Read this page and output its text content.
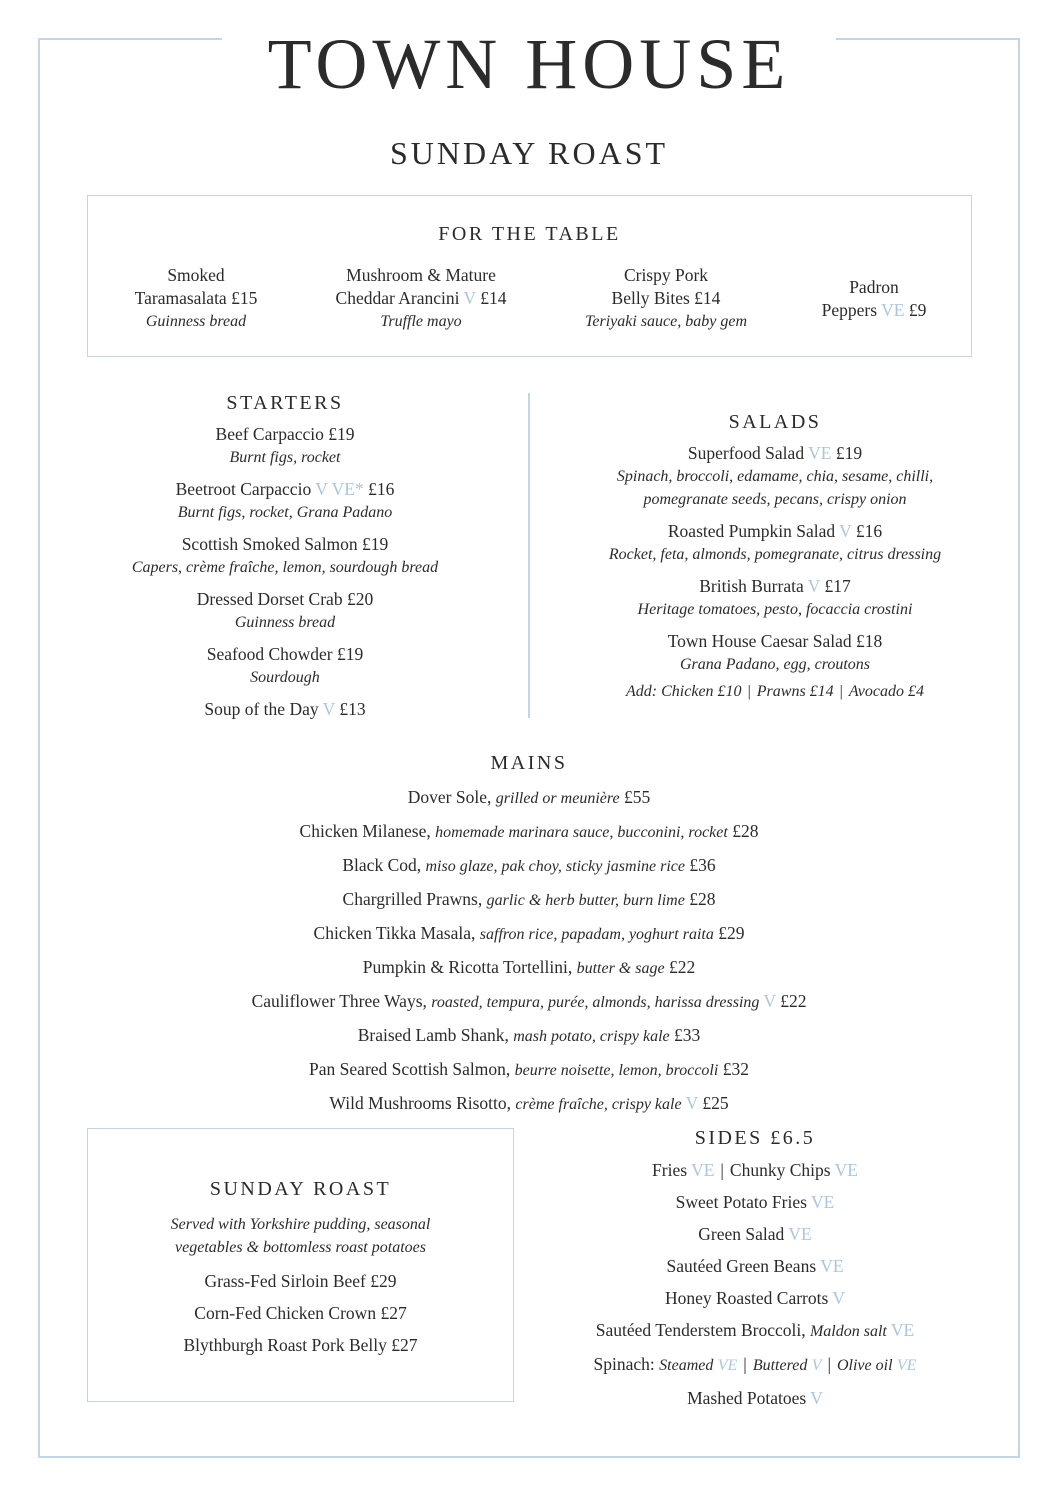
TOWN HOUSE
SUNDAY ROAST
FOR THE TABLE
Smoked
Taramasalata £15
Guinness bread
Mushroom & Mature
Cheddar Arancini V £14
Truffle mayo
Crispy Pork
Belly Bites £14
Teriyaki sauce, baby gem
Padron
Peppers VE £9
STARTERS
Beef Carpaccio £19
Burnt figs, rocket
Beetroot Carpaccio V VE* £16
Burnt figs, rocket, Grana Padano
Scottish Smoked Salmon £19
Capers, crème fraîche, lemon, sourdough bread
Dressed Dorset Crab £20
Guinness bread
Seafood Chowder £19
Sourdough
Soup of the Day V £13
SALADS
Superfood Salad VE £19
Spinach, broccoli, edamame, chia, sesame, chilli,
pomegranate seeds, pecans, crispy onion
Roasted Pumpkin Salad V £16
Rocket, feta, almonds, pomegranate, citrus dressing
British Burrata V £17
Heritage tomatoes, pesto, focaccia crostini
Town House Caesar Salad £18
Grana Padano, egg, croutons
Add: Chicken £10 | Prawns £14 | Avocado £4
MAINS
Dover Sole, grilled or meunière £55
Chicken Milanese, homemade marinara sauce, bucconini, rocket £28
Black Cod, miso glaze, pak choy, sticky jasmine rice £36
Chargrilled Prawns, garlic & herb butter, burn lime £28
Chicken Tikka Masala, saffron rice, papadam, yoghurt raita £29
Pumpkin & Ricotta Tortellini, butter & sage £22
Cauliflower Three Ways, roasted, tempura, purée, almonds, harissa dressing V £22
Braised Lamb Shank, mash potato, crispy kale £33
Pan Seared Scottish Salmon, beurre noisette, lemon, broccoli £32
Wild Mushrooms Risotto, crème fraîche, crispy kale V £25
SUNDAY ROAST
Served with Yorkshire pudding, seasonal
vegetables & bottomless roast potatoes
Grass-Fed Sirloin Beef £29
Corn-Fed Chicken Crown £27
Blythburgh Roast Pork Belly £27
SIDES £6.5
Fries VE | Chunky Chips VE
Sweet Potato Fries VE
Green Salad VE
Sautéed Green Beans VE
Honey Roasted Carrots V
Sautéed Tenderstem Broccoli, Maldon salt VE
Spinach: Steamed VE | Buttered V | Olive oil VE
Mashed Potatoes V
